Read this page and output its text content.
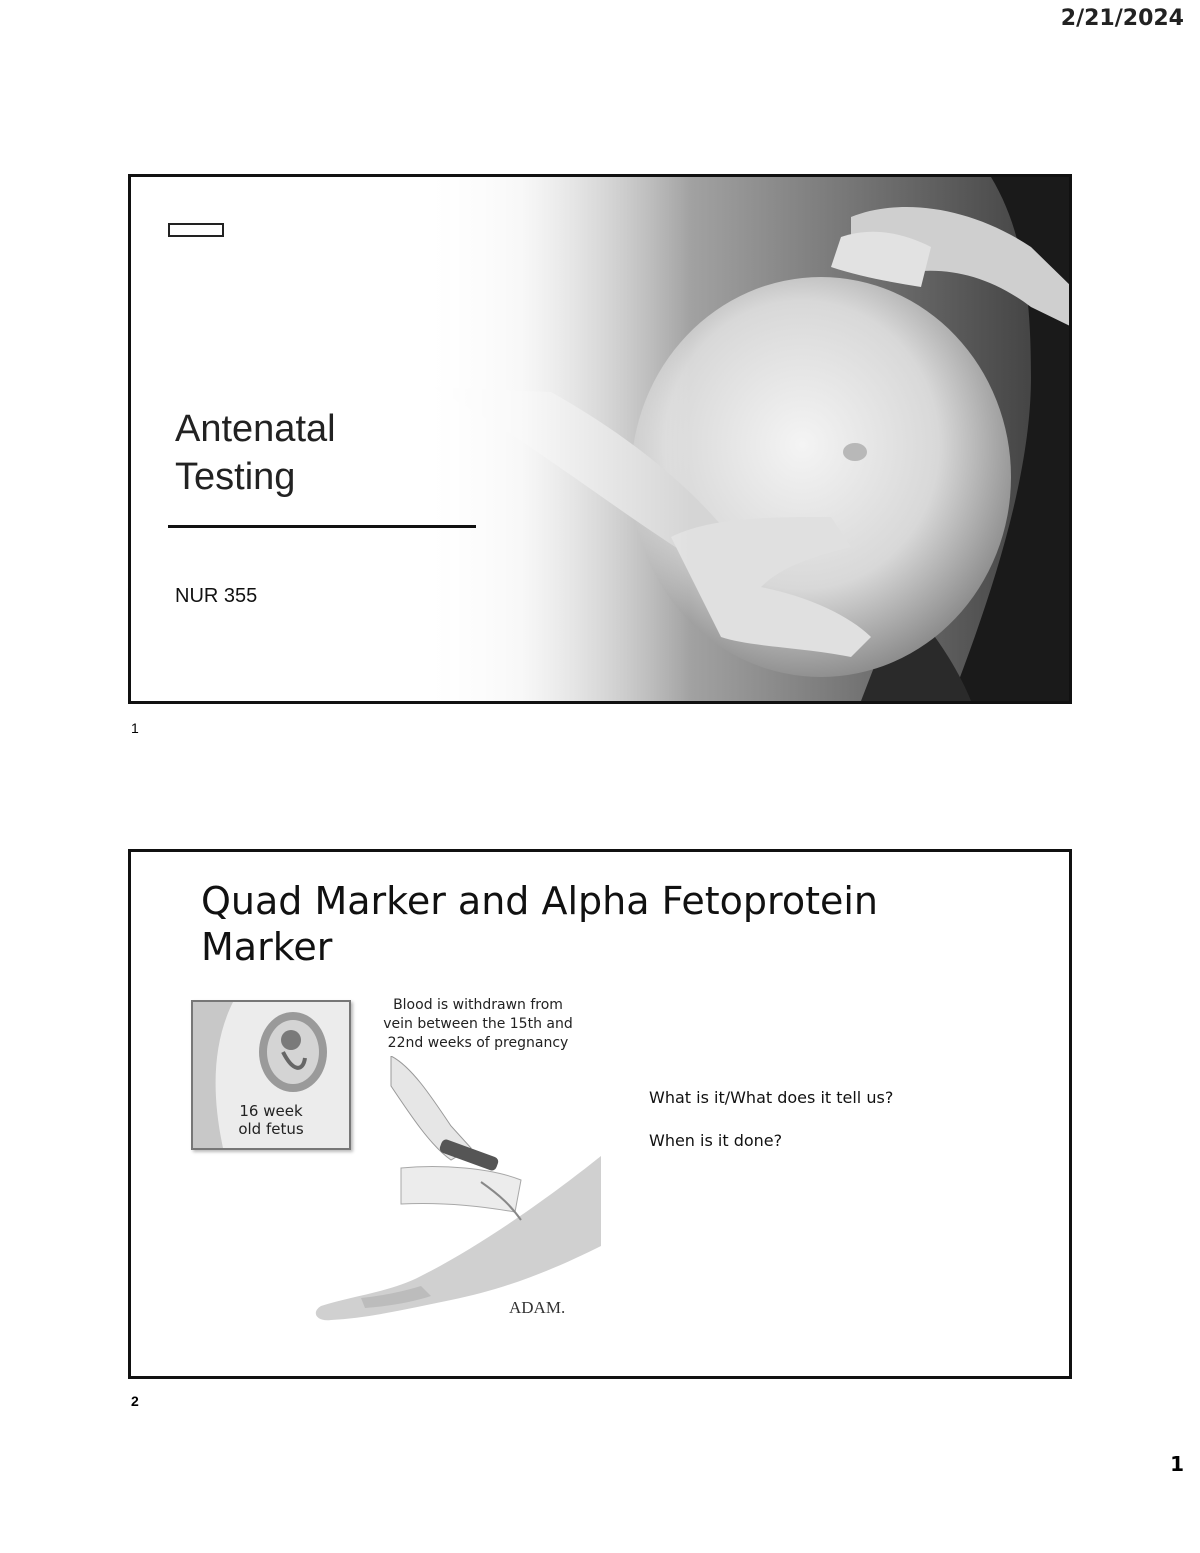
2/21/2024
Antenatal
Testing
NUR 355
1
Quad Marker and Alpha Fetoprotein
Marker
16 week
old fetus
Blood is withdrawn from
vein between the 15th and
22nd weeks of pregnancy
ADAM.

What is it/What does it tell us?

When is it done?

2
1
